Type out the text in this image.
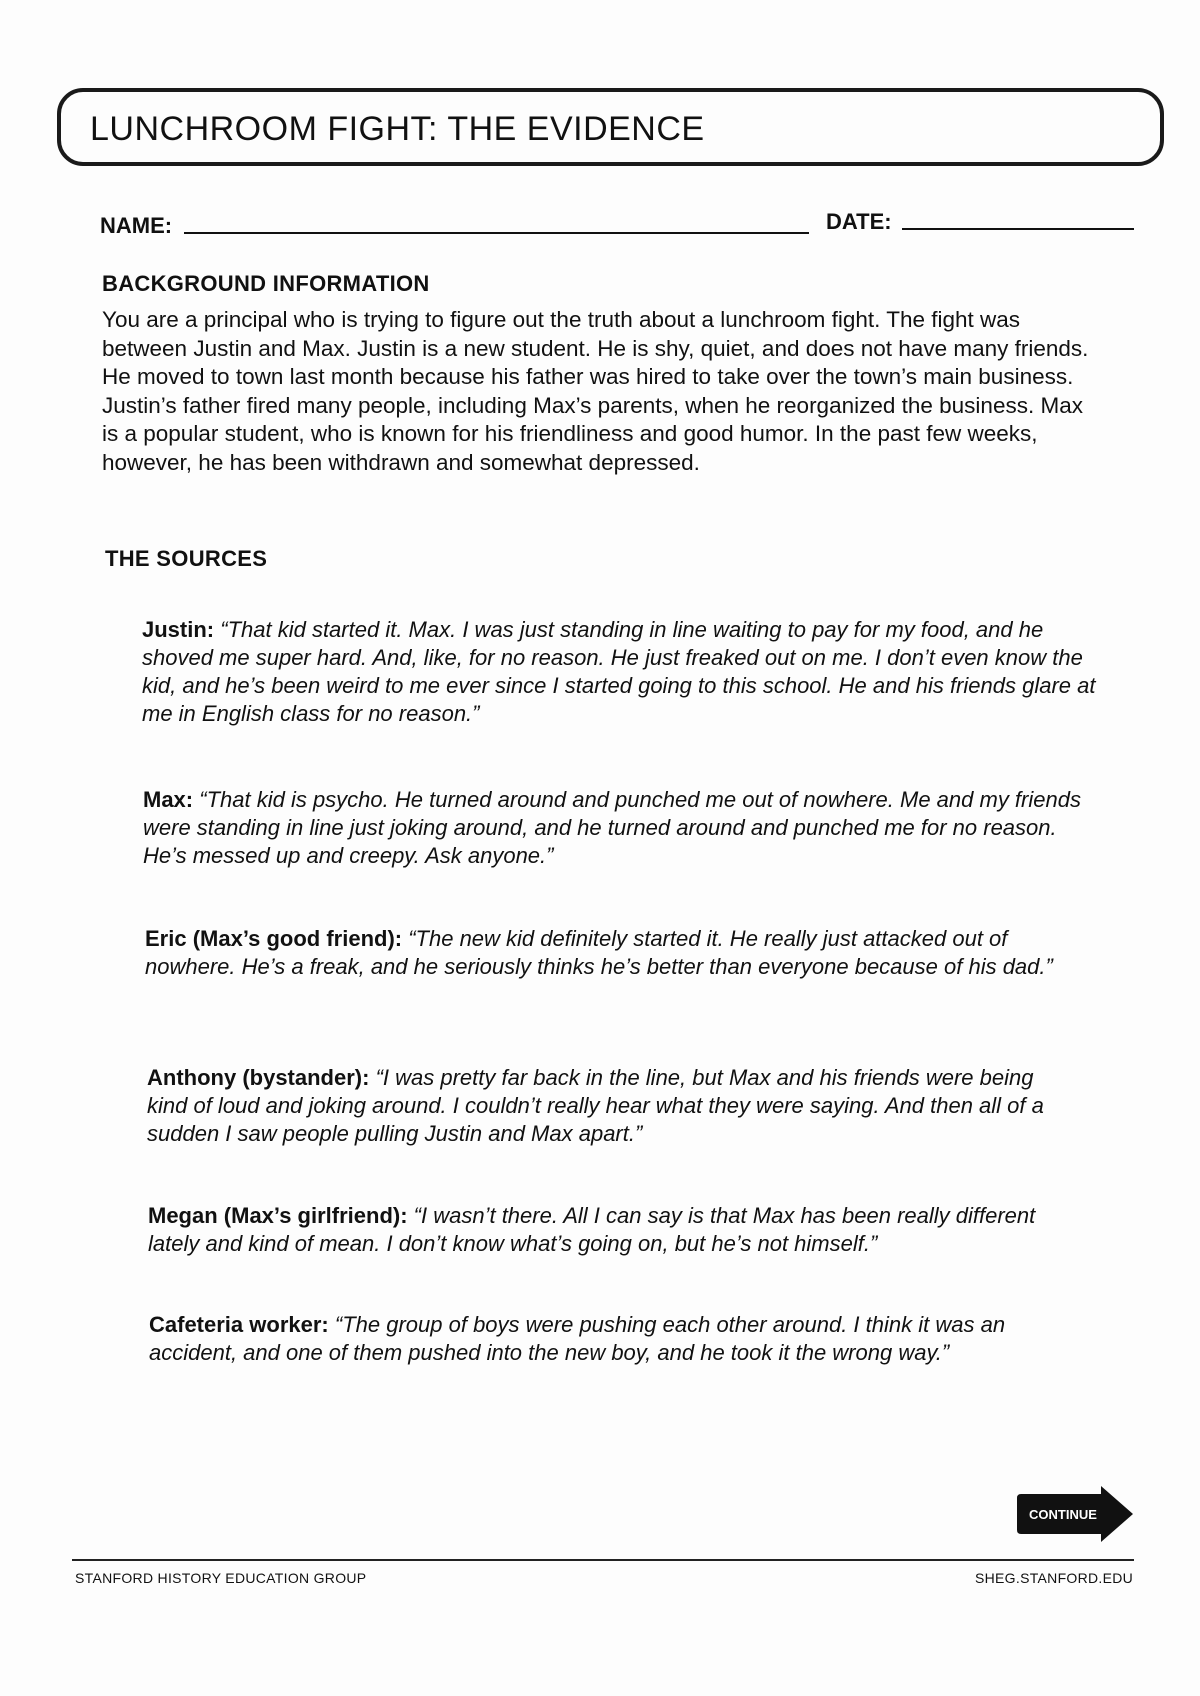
LUNCHROOM FIGHT: THE EVIDENCE
NAME:	DATE:
BACKGROUND INFORMATION
You are a principal who is trying to figure out the truth about a lunchroom fight. The fight was between Justin and Max. Justin is a new student. He is shy, quiet, and does not have many friends. He moved to town last month because his father was hired to take over the town’s main business. Justin’s father fired many people, including Max’s parents, when he reorganized the business. Max is a popular student, who is known for his friendliness and good humor. In the past few weeks, however, he has been withdrawn and somewhat depressed.
THE SOURCES
Justin: “That kid started it. Max. I was just standing in line waiting to pay for my food, and he shoved me super hard. And, like, for no reason. He just freaked out on me. I don’t even know the kid, and he’s been weird to me ever since I started going to this school. He and his friends glare at me in English class for no reason.”
Max: “That kid is psycho. He turned around and punched me out of nowhere. Me and my friends were standing in line just joking around, and he turned around and punched me for no reason. He’s messed up and creepy. Ask anyone.”
Eric (Max’s good friend): “The new kid definitely started it. He really just attacked out of nowhere. He’s a freak, and he seriously thinks he’s better than everyone because of his dad.”
Anthony (bystander): “I was pretty far back in the line, but Max and his friends were being kind of loud and joking around. I couldn’t really hear what they were saying. And then all of a sudden I saw people pulling Justin and Max apart.”
Megan (Max’s girlfriend): “I wasn’t there. All I can say is that Max has been really different lately and kind of mean. I don’t know what’s going on, but he’s not himself.”
Cafeteria worker: “The group of boys were pushing each other around. I think it was an accident, and one of them pushed into the new boy, and he took it the wrong way.”
CONTINUE
STANFORD HISTORY EDUCATION GROUP	SHEG.STANFORD.EDU
